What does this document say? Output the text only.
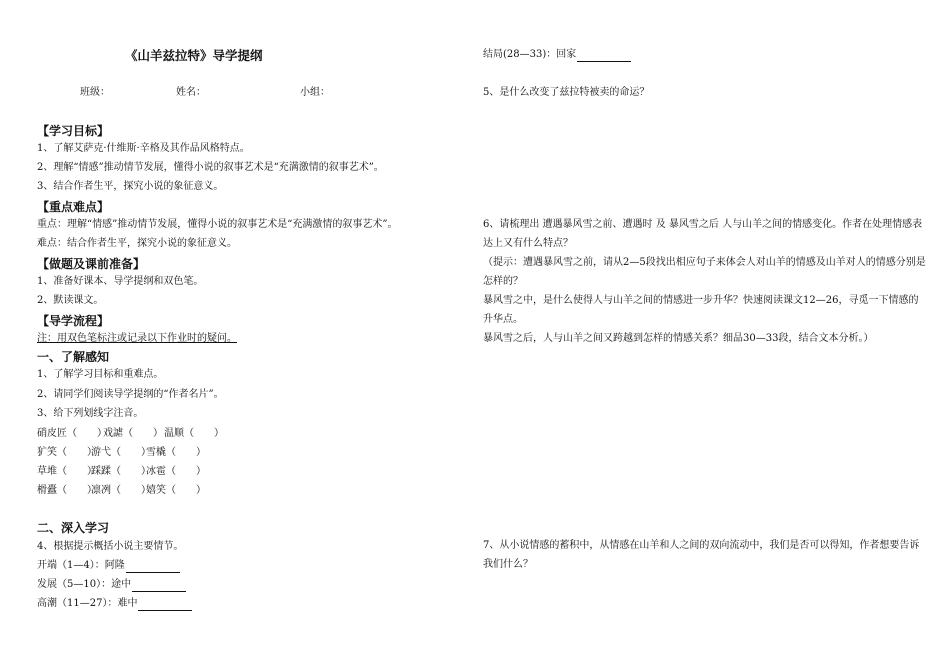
《山羊兹拉特》导学提纲
班级：	姓名：	小组：
【学习目标】
1、了解艾萨克·什维斯·辛格及其作品风格特点。
2、理解“情感”推动情节发展，懂得小说的叙事艺术是“充满激情的叙事艺术”。
3、结合作者生平，探究小说的象征意义。
【重点难点】
重点：理解“情感”推动情节发展，懂得小说的叙事艺术是“充满激情的叙事艺术”。
难点：结合作者生平，探究小说的象征意义。
【做题及课前准备】
1、准备好课本、导学提纲和双色笔。
2、默读课文。
【导学流程】
注：用双色笔标注或记录以下作业时的疑问。
一、了解感知
1、了解学习目标和重难点。
2、请同学们阅读导学提纲的“作者名片”。
3、给下列划线字注音。
硝皮匠（　　）
戏謔（　　） 温顺（　　）
犷笑（　　）
游弋（　　）
雪橇（　　）
草堆（　　）
踩蹂（　　）
冰雹（　　）
榾蠹（　　）
凛冽（　　）
嬉笑（　　）
二、深入学习
4、根据提示概括小说主要情节。
开端（1—4）：阿隆
发展（5—10）：途中
高潮（11—27）：难中
结局(28—33)：回家
5、是什么改变了兹拉特被卖的命运？
6、请梳理出 遭遇暴风雪之前、遭遇时 及 暴风雪之后 人与山羊之间的情感变化。作者在处理情感表达上又有什么特点？
（提示：遭遇暴风雪之前，请从2—5段找出相应句子来体会人对山羊的情感及山羊对人的情感分别是怎样的？
暴风雪之中，是什么使得人与山羊之间的情感进一步升华？快速阅读课文12—26，寻觅一下情感的升华点。
暴风雪之后，人与山羊之间又跨越到怎样的情感关系？细品30—33段，结合文本分析。）
7、从小说情感的蓄积中，从情感在山羊和人之间的双向流动中，我们是否可以得知，作者想要告诉我们什么？
